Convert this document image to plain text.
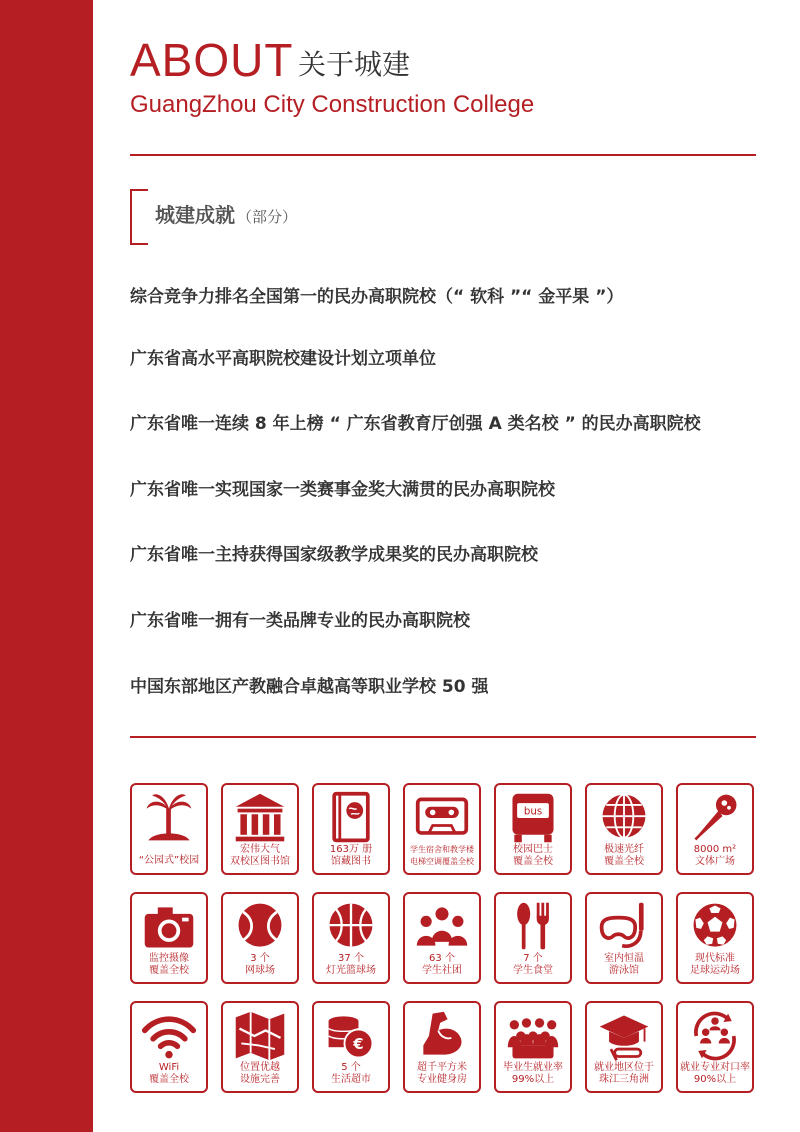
ABOUT 关于城建
GuangZhou City Construction College
城建成就 （部分）
综合竞争力排名全国第一的民办高职院校（“ 软科 ”“ 金平果 ”）
广东省高水平高职院校建设计划立项单位
广东省唯一连续 8 年上榜 “ 广东省教育厅创强 A 类名校 ” 的民办高职院校
广东省唯一实现国家一类赛事金奖大满贯的民办高职院校
广东省唯一主持获得国家级教学成果奖的民办高职院校
广东省唯一拥有一类品牌专业的民办高职院校
中国东部地区产教融合卓越高等职业学校 50 强
“公园式”校园
宏伟大气
双校区图书馆
163万 册
馆藏图书
学生宿舍和教学楼
电梯空调覆盖全校
bus
校园巴士
覆盖全校
极速光纤
覆盖全校
8000 m²
文体广场
监控摄像
覆盖全校
3 个
网球场
37 个
灯光篮球场
63 个
学生社团
7 个
学生食堂
室内恒温
游泳馆
现代标准
足球运动场
WiFi
覆盖全校
位置优越
设施完善
€
5 个
生活超市
超千平方米
专业健身房
毕业生就业率
99%以上
就业地区位于
珠江三角洲
就业专业对口率
90%以上
